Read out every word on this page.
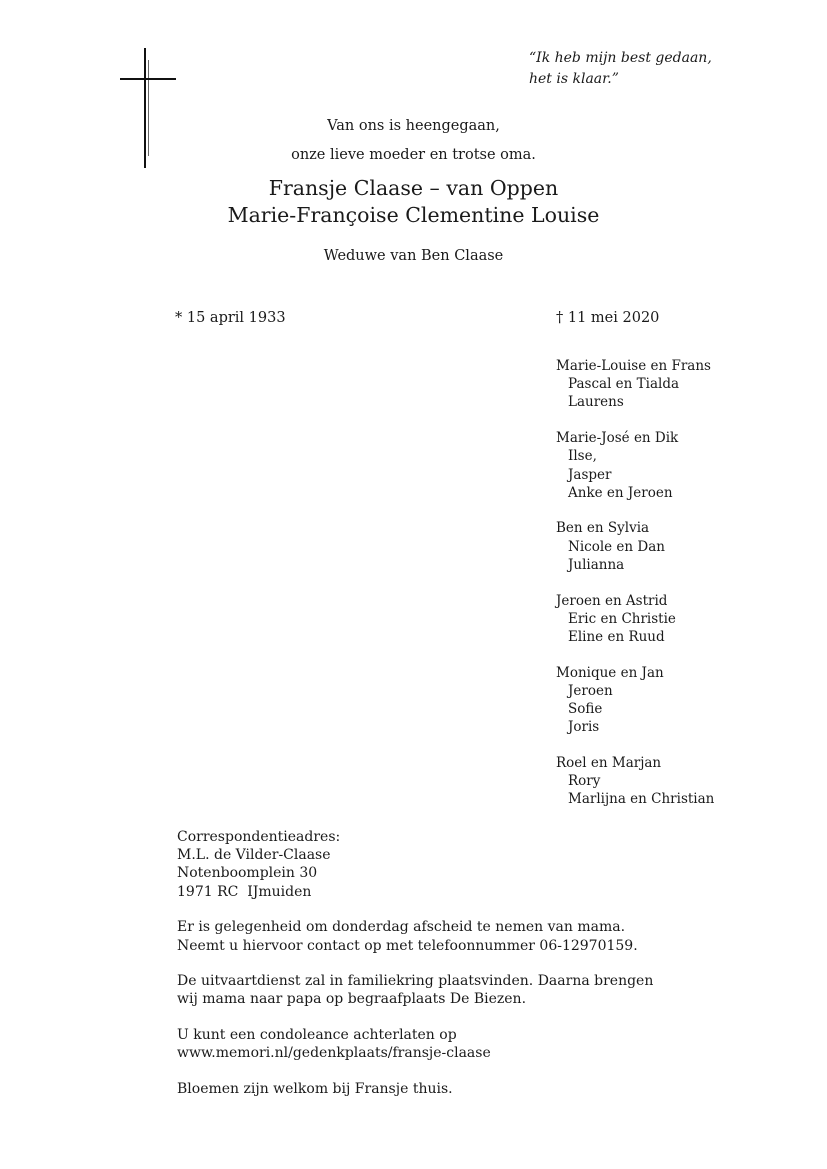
“Ik heb mijn best gedaan,
het is klaar.”
Van ons is heengegaan,
onze lieve moeder en trotse oma.
Fransje Claase – van Oppen
Marie-Françoise Clementine Louise
Weduwe van Ben Claase
* 15 april 1933	† 11 mei 2020
Marie-Louise en Frans
Pascal en Tialda
Laurens
Marie-José en Dik
Ilse,
Jasper
Anke en Jeroen
Ben en Sylvia
Nicole en Dan
Julianna
Jeroen en Astrid
Eric en Christie
Eline en Ruud
Monique en Jan
Jeroen
Sofie
Joris
Roel en Marjan
Rory
Marlijna en Christian
Correspondentieadres:
M.L. de Vilder-Claase
Notenboomplein 30
1971 RC  IJmuiden
Er is gelegenheid om donderdag afscheid te nemen van mama.
Neemt u hiervoor contact op met telefoonnummer 06-12970159.
De uitvaartdienst zal in familiekring plaatsvinden. Daarna brengen
wij mama naar papa op begraafplaats De Biezen.
U kunt een condoleance achterlaten op
www.memori.nl/gedenkplaats/fransje-claase
Bloemen zijn welkom bij Fransje thuis.
